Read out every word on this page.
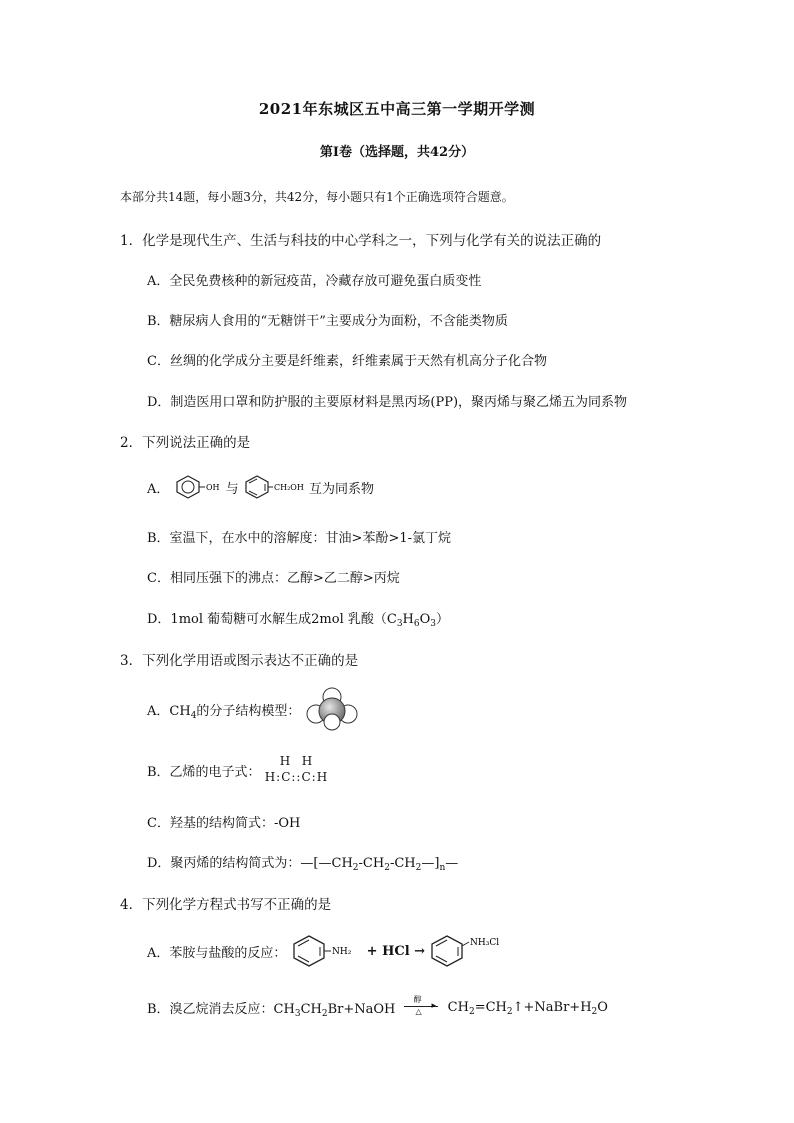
2021年东城区五中高三第一学期开学测
第Ⅰ卷（选择题，共42分）
本部分共14题，每小题3分，共42分，每小题只有1个正确选项符合题意。
1．化学是现代生产、生活与科技的中心学科之一，下列与化学有关的说法正确的
A．全民免费核种的新冠疫苗，冷藏存放可避免蛋白质变性
B．糖尿病人食用的“无糖饼干”主要成分为面粉，不含能类物质
C．丝绸的化学成分主要是纤维素，纤维素属于天然有机高分子化合物
D．制造医用口罩和防护服的主要原材料是黑丙场(PP)，聚丙烯与聚乙烯五为同系物
2．下列说法正确的是
A．	OH 与	CH₂OH 互为同系物
B．室温下，在水中的溶解度：甘油>苯酚>1-氯丁烷
C．相同压强下的沸点：乙醇>乙二醇>丙烷
D．1mol 葡萄糖可水解生成2mol 乳酸$(C_3H_6O_3)$
3．下列化学用语或图示表达不正确的是
A．$CH_4$的分子结构模型：
B．乙烯的电子式：
H H
H:C::C:H
C．羟基的结构简式：-OH
D．聚丙烯的结构简式为：$—[—CH_2-CH_2-CH_2—]_n—$
4．下列化学方程式书写不正确的是
A．苯胺与盐酸的反应：	NH₂ + HCl →
NH₃Cl
B．溴乙烷消去反应：$CH_3CH_2Br+NaOH$
醇
▸
△ $CH_2=CH_2↑+NaBr+H_2O$
